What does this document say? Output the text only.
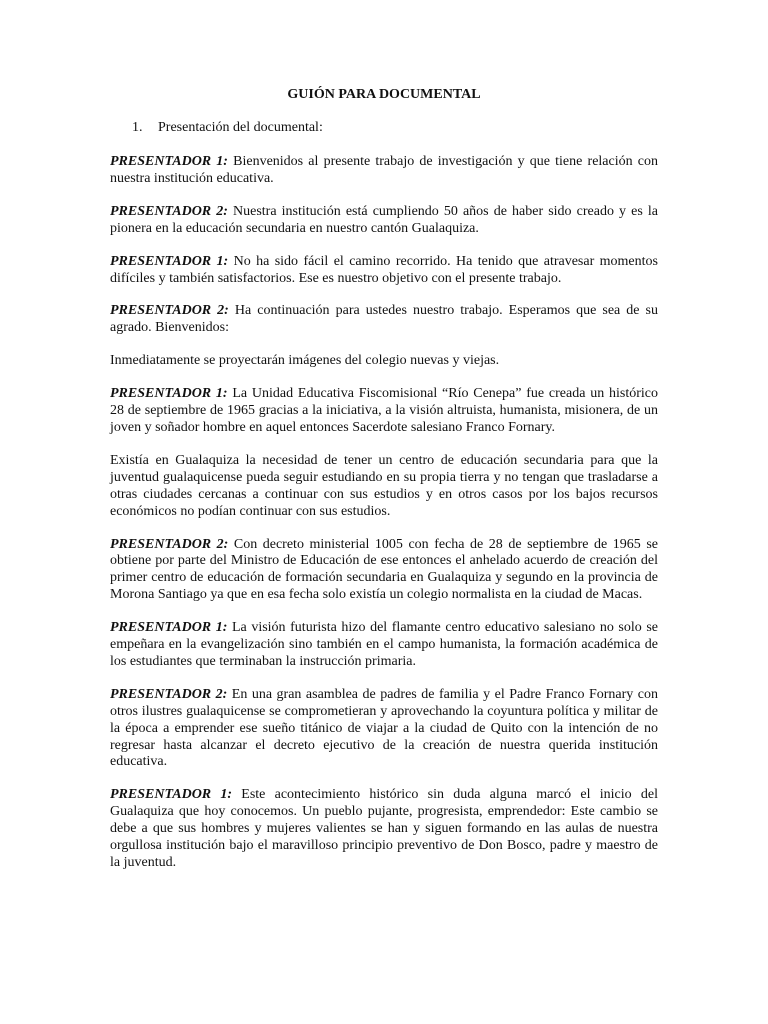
GUIÓN PARA DOCUMENTAL
1. Presentación del documental:

PRESENTADOR 1: Bienvenidos al presente trabajo de investigación y que tiene relación con nuestra institución educativa.

PRESENTADOR 2: Nuestra institución está cumpliendo 50 años de haber sido creado y es la pionera en la educación secundaria en nuestro cantón Gualaquiza.

PRESENTADOR 1: No ha sido fácil el camino recorrido. Ha tenido que atravesar momentos difíciles y también satisfactorios. Ese es nuestro objetivo con el presente trabajo.

PRESENTADOR 2: Ha continuación para ustedes nuestro trabajo. Esperamos que sea de su agrado. Bienvenidos:

Inmediatamente se proyectarán imágenes del colegio nuevas y viejas.

PRESENTADOR 1: La Unidad Educativa Fiscomisional “Río Cenepa” fue creada un histórico 28 de septiembre de 1965 gracias a la iniciativa, a la visión altruista, humanista, misionera, de un joven y soñador hombre en aquel entonces Sacerdote salesiano Franco Fornary.

Existía en Gualaquiza la necesidad de tener un centro de educación secundaria para que la juventud gualaquicense pueda seguir estudiando en su propia tierra y no tengan que trasladarse a otras ciudades cercanas a continuar con sus estudios y en otros casos por los bajos recursos económicos no podían continuar con sus estudios.

PRESENTADOR 2: Con decreto ministerial 1005 con fecha de 28 de septiembre de 1965 se obtiene por parte del Ministro de Educación de ese entonces el anhelado acuerdo de creación del primer centro de educación de formación secundaria en Gualaquiza y segundo en la provincia de Morona Santiago ya que en esa fecha solo existía un colegio normalista en la ciudad de Macas.

PRESENTADOR 1: La visión futurista hizo del flamante centro educativo salesiano no solo se empeñara en la evangelización sino también en el campo humanista, la formación académica de los estudiantes que terminaban la instrucción primaria.

PRESENTADOR 2: En una gran asamblea de padres de familia y el Padre Franco Fornary con otros ilustres gualaquicense se comprometieran y aprovechando la coyuntura política y militar de la época a emprender ese sueño titánico de viajar a la ciudad de Quito con la intención de no regresar hasta alcanzar el decreto ejecutivo de la creación de nuestra querida institución educativa.

PRESENTADOR 1: Este acontecimiento histórico sin duda alguna marcó el inicio del Gualaquiza que hoy conocemos. Un pueblo pujante, progresista, emprendedor: Este cambio se debe a que sus hombres y mujeres valientes se han y siguen formando en las aulas de nuestra orgullosa institución bajo el maravilloso principio preventivo de Don Bosco, padre y maestro de la juventud.
